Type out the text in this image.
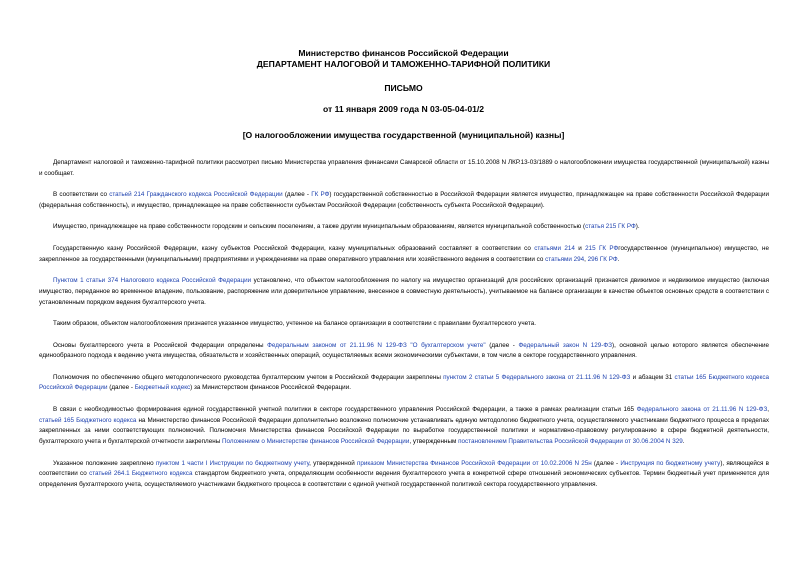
Министерство финансов Российской Федерации
ДЕПАРТАМЕНТ НАЛОГОВОЙ И ТАМОЖЕННО-ТАРИФНОЙ ПОЛИТИКИ
ПИСЬМО
от 11 января 2009 года N 03-05-04-01/2
[О налогообложении имущества государственной (муниципальной) казны]

Департамент налоговой и таможенно-тарифной политики рассмотрел письмо Министерства управления финансами Самарской области от 15.10.2008 N ЛКР.13-03/1889 о налогообложении имущества государственной (муниципальной) казны и сообщает.

В соответствии со статьей 214 Гражданского кодекса Российской Федерации (далее - ГК РФ) государственной собственностью в Российской Федерации является имущество, принадлежащее на праве собственности Российской Федерации (федеральная собственность), и имущество, принадлежащее на праве собственности субъектам Российской Федерации (собственность субъекта Российской Федерации).

Имущество, принадлежащее на праве собственности городским и сельским поселениям, а также другим муниципальным образованиям, является муниципальной собственностью (статья 215 ГК РФ).

Государственную казну Российской Федерации, казну субъектов Российской Федерации, казну муниципальных образований составляет в соответствии со статьями 214 и 215 ГК РФгосударственное (муниципальное) имущество, не закрепленное за государственными (муниципальными) предприятиями и учреждениями на праве оперативного управления или хозяйственного ведения в соответствии со статьями 294, 296 ГК РФ.

Пунктом 1 статьи 374 Налогового кодекса Российской Федерации установлено, что объектом налогообложения по налогу на имущество организаций для российских организаций признается движимое и недвижимое имущество (включая имущество, переданное во временное владение, пользование, распоряжение или доверительное управление, внесенное в совместную деятельность), учитываемое на балансе организации в качестве объектов основных средств в соответствии с установленным порядком ведения бухгалтерского учета.

Таким образом, объектом налогообложения признается указанное имущество, учтенное на балансе организации в соответствии с правилами бухгалтерского учета.

Основы бухгалтерского учета в Российской Федерации определены Федеральным законом от 21.11.96 N 129-ФЗ "О бухгалтерском учете" (далее - Федеральный закон N 129-ФЗ), основной целью которого является обеспечение единообразного подхода к ведению учета имущества, обязательств и хозяйственных операций, осуществляемых всеми экономическими субъектами, в том числе в секторе государственного управления.

Полномочия по обеспечению общего методологического руководства бухгалтерским учетом в Российской Федерации закреплены пунктом 2 статьи 5 Федерального закона от 21.11.96 N 129-ФЗ и абзацем 31 статьи 165 Бюджетного кодекса Российской Федерации (далее - Бюджетный кодекс) за Министерством финансов Российской Федерации.

В связи с необходимостью формирования единой государственной учетной политики в секторе государственного управления Российской Федерации, а также в рамках реализации статьи 165 Федерального закона от 21.11.96 N 129-ФЗ, статьей 165 Бюджетного кодекса на Министерство финансов Российской Федерации дополнительно возложено полномочие устанавливать единую методологию бюджетного учета, осуществляемого участниками бюджетного процесса в пределах закрепленных за ними соответствующих полномочий. Полномочия Министерства финансов Российской Федерации по выработке государственной политики и нормативно-правовому регулированию в сфере бюджетной деятельности, бухгалтерского учета и бухгалтерской отчетности закреплены Положением о Министерстве финансов Российской Федерации, утвержденным постановлением Правительства Российской Федерации от 30.06.2004 N 329.

Указанное положение закреплено пунктом 1 части I Инструкции по бюджетному учету, утвержденной приказом Министерства Финансов Российской Федерации от 10.02.2006 N 25н (далее - Инструкция по бюджетному учету), являющейся в соответствии со статьей 264.1 Бюджетного кодекса стандартом бюджетного учета, определяющим особенности ведения бухгалтерского учета в конкретной сфере отношений экономических субъектов. Термин бюджетный учет применяется для определения бухгалтерского учета, осуществляемого участниками бюджетного процесса в соответствии с единой учетной государственной политикой сектора государственного управления.
